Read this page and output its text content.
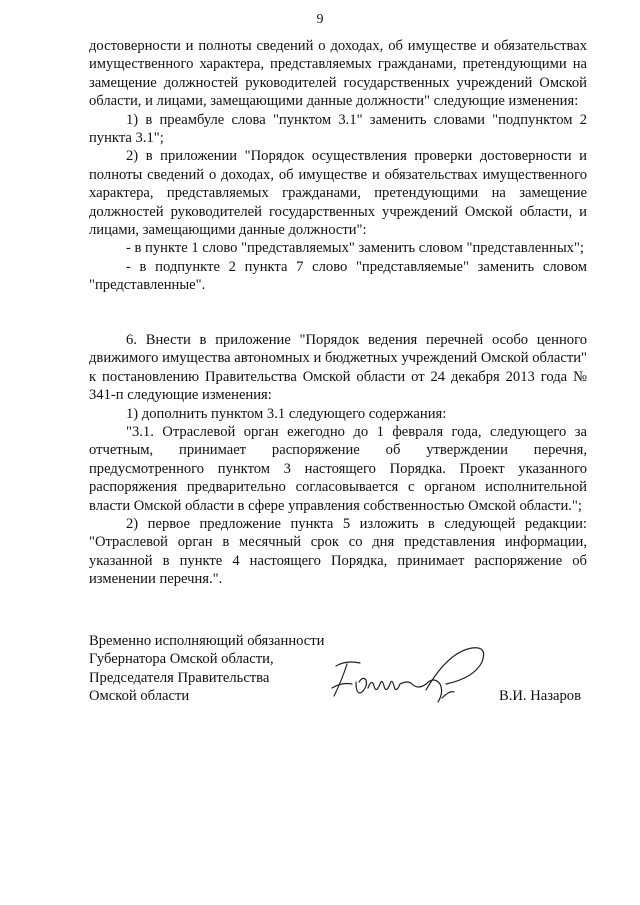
9

достоверности и полноты сведений о доходах, об имуществе и обязательствах имущественного характера, представляемых гражданами, претендующими на замещение должностей руководителей государственных учреждений Омской области, и лицами, замещающими данные должности" следующие изменения:

1) в преамбуле слова "пунктом 3.1" заменить словами "подпунктом 2 пункта 3.1";

2) в приложении "Порядок осуществления проверки достоверности и полноты сведений о доходах, об имуществе и обязательствах имущественного характера, представляемых гражданами, претендующими на замещение должностей руководителей государственных учреждений Омской области, и лицами, замещающими данные должности":

- в пункте 1 слово "представляемых" заменить словом "представленных";

- в подпункте 2 пункта 7 слово "представляемые" заменить словом "представленные".

6. Внести в приложение "Порядок ведения перечней особо ценного движимого имущества автономных и бюджетных учреждений Омской области" к постановлению Правительства Омской области от 24 декабря 2013 года № 341-п следующие изменения:

1) дополнить пунктом 3.1 следующего содержания:

"3.1. Отраслевой орган ежегодно до 1 февраля года, следующего за отчетным, принимает распоряжение об утверждении перечня, предусмотренного пунктом 3 настоящего Порядка. Проект указанного распоряжения предварительно согласовывается с органом исполнительной власти Омской области в сфере управления собственностью Омской области.";

2) первое предложение пункта 5 изложить в следующей редакции: "Отраслевой орган в месячный срок со дня представления информации, указанной в пункте 4 настоящего Порядка, принимает распоряжение об изменении перечня.".

Временно исполняющий обязанности
Губернатора Омской области,
Председателя Правительства
Омской области	В.И. Назаров
